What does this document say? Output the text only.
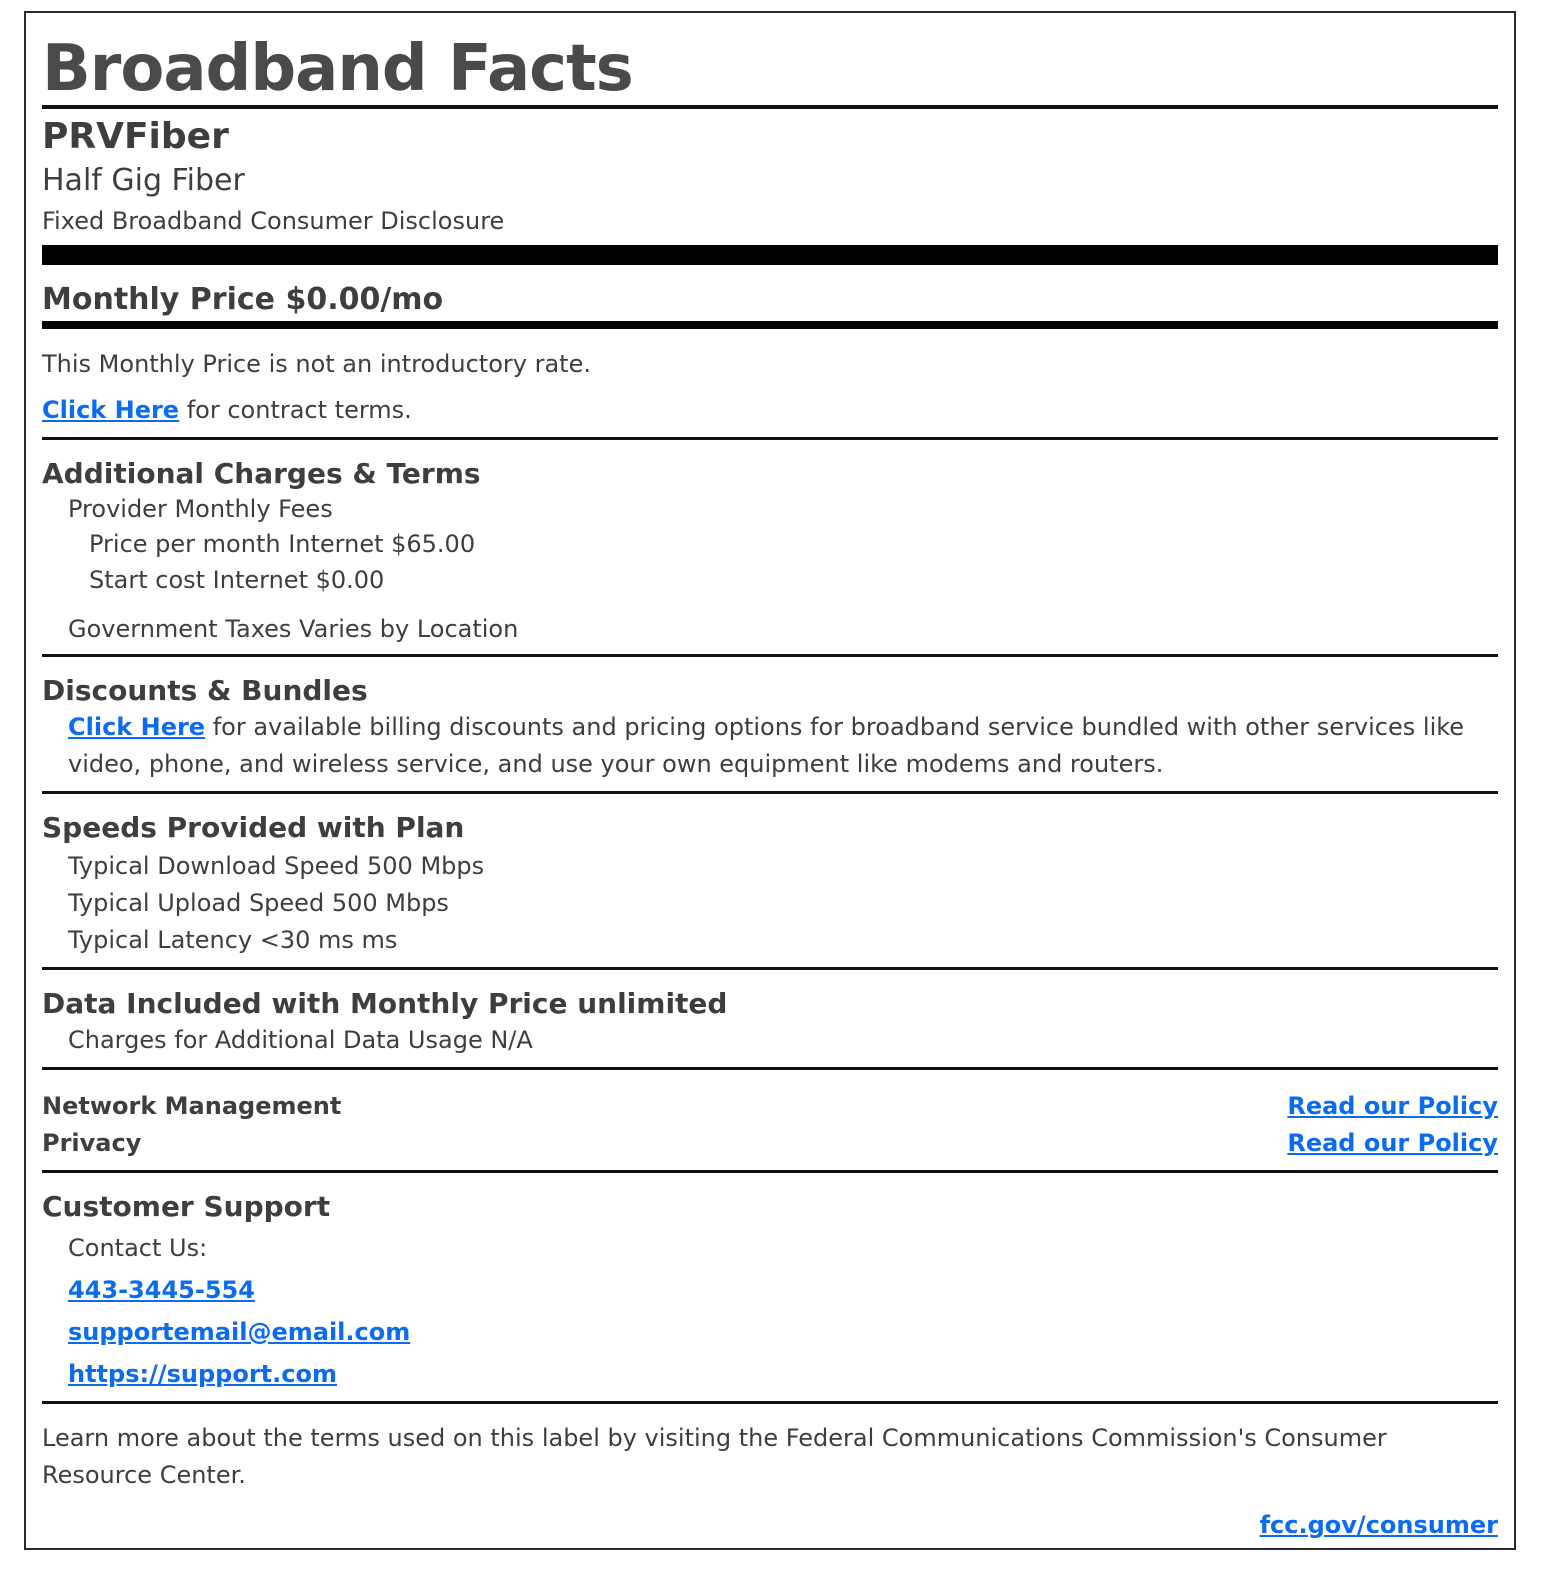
Broadband Facts
PRVFiber
Half Gig Fiber
Fixed Broadband Consumer Disclosure
Monthly Price $0.00/mo
This Monthly Price is not an introductory rate.
Click Here for contract terms.
Additional Charges & Terms
Provider Monthly Fees
Price per month Internet $65.00
Start cost Internet $0.00
Government Taxes Varies by Location
Discounts & Bundles
Click Here for available billing discounts and pricing options for broadband service bundled with other services like video, phone, and wireless service, and use your own equipment like modems and routers.
Speeds Provided with Plan
Typical Download Speed 500 Mbps
Typical Upload Speed 500 Mbps
Typical Latency <30 ms ms
Data Included with Monthly Price unlimited
Charges for Additional Data Usage N/A
Network Management	Read our Policy
Privacy	Read our Policy
Customer Support
Contact Us:
443-3445-554
supportemail@email.com
https://support.com
Learn more about the terms used on this label by visiting the Federal Communications Commission's Consumer Resource Center.
fcc.gov/consumer
